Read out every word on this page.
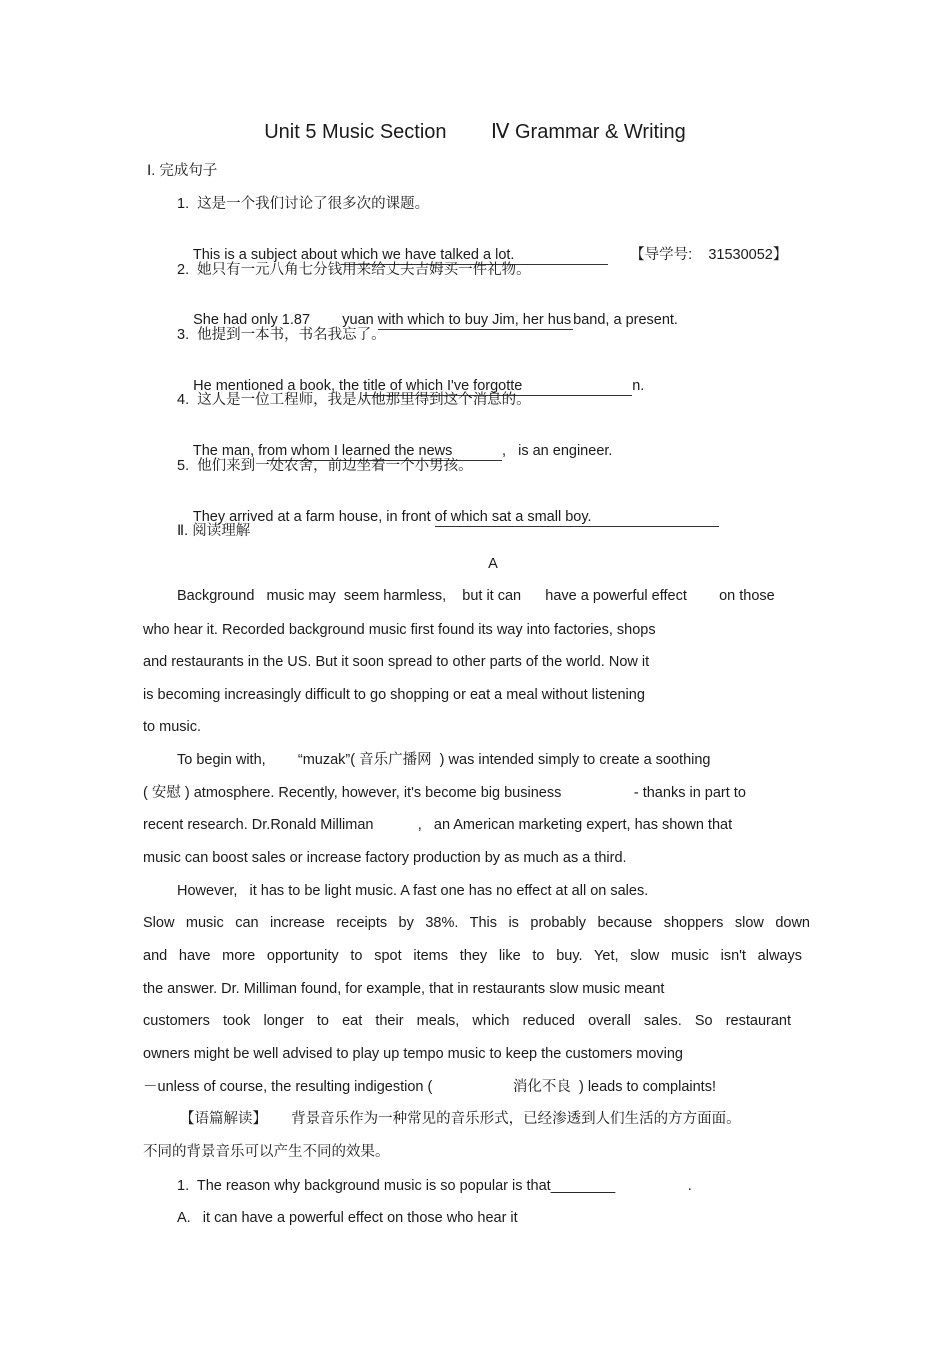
Unit 5 Music Section        Ⅳ Grammar & Writing
Ⅰ. 完成句子
1.  这是一个我们讨论了很多次的课题。

This is a subject about which we have talked a lot.	【导学号:    31530052】

2.  她只有一元八角七分钱用来给丈夫吉姆买一件礼物。

She had only 1.87        yuan with which to buy Jim, her hus band, a present.

3.  他提到一本书，书名我忘了。

He mentioned a book, the title of which I've forgotte	n.

4.  这人是一位工程师，我是从他那里得到这个消息的。

The man, from whom I learned the news	,   is an engineer.

5.  他们来到一处农舍，前边坐着一个小男孩。

They arrived at a farm house, in front of which sat a small boy.

Ⅱ. 阅读理解
A
Background   music may  seem harmless,    but it can      have a powerful effect        on those
who hear it. Recorded background music first found its way into factories, shops
and restaurants in the US. But it soon spread to other parts of the world. Now it
is becoming increasingly difficult to go shopping or eat a meal without listening
to music.
To begin with,        “muzak”( 音乐广播网  ) was intended simply to create a soothing
( 安慰 ) atmosphere. Recently, however, it's become big business                  - thanks in part to
recent research. Dr.Ronald Milliman           ,   an American marketing expert, has shown that
music can boost sales or increase factory production by as much as a third.
However,   it has to be light music. A fast one has no effect at all on sales.
Slow music can increase receipts by 38%. This is probably because shoppers slow down
and have more opportunity to spot items they like to buy. Yet, slow music isn't always
the answer. Dr. Milliman found, for example, that in restaurants slow music meant
customers took longer to eat their meals, which reduced overall sales. So restaurant
owners might be well advised to play up tempo music to keep the customers moving
－unless of course, the resulting indigestion (                    消化不良  ) leads to complaints!
【语篇解读】      背景音乐作为一种常见的音乐形式，已经渗透到人们生活的方方面面。
不同的背景音乐可以产生不同的效果。
1.  The reason why background music is so popular is that________                  .
A.   it can have a powerful effect on those who hear it
